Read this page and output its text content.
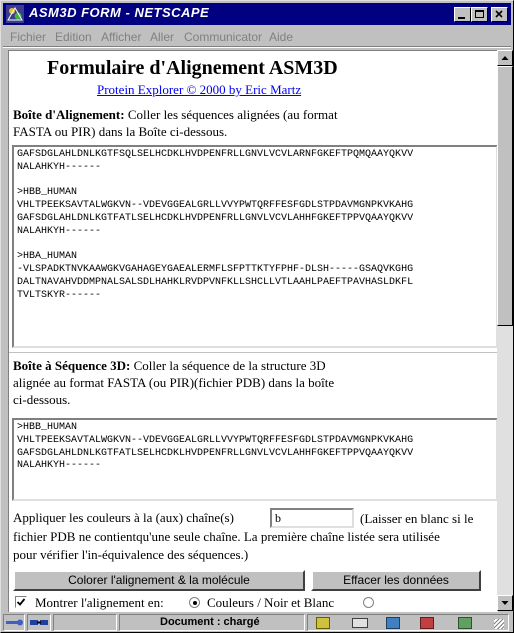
ASM3D FORM - NETSCAPE
Fichier Edition Afficher Aller Communicator Aide
Formulaire d'Alignement ASM3D
Protein Explorer © 2000 by Eric Martz
Boîte d'Alignement: Coller les séquences alignées (au format
FASTA ou PIR) dans la Boîte ci-dessous.
GAFSDGLAHLDNLKGTFSQLSELHCDKLHVDPENFRLLGNVLVCVLARNFGKEFTPQMQAAYQKVV
NALAHKYH------

>HBB_HUMAN
VHLTPEEKSAVTALWGKVN--VDEVGGEALGRLLVVYPWTQRFFESFGDLSTPDAVMGNPKVKAHG
GAFSDGLAHLDNLKGTFATLSELHCDKLHVDPENFRLLGNVLVCVLAHHFGKEFTPPVQAAYQKVV
NALAHKYH------

>HBA_HUMAN
-VLSPADKTNVKAAWGKVGAHAGEYGAEALERMFLSFPTTKTYFPHF-DLSH-----GSAQVKGHG
DALTNAVAHVDDMPNALSALSDLHAHKLRVDPVNFKLLSHCLLVTLAAHLPAEFTPAVHASLDKFL
TVLTSKYR------
Boîte à Séquence 3D: Coller la séquence de la structure 3D
alignée au format FASTA (ou PIR)(fichier PDB) dans la boîte
ci-dessous.
>HBB_HUMAN
VHLTPEEKSAVTALWGKVN--VDEVGGEALGRLLVVYPWTQRFFESFGDLSTPDAVMGNPKVKAHG
GAFSDGLAHLDNLKGTFATLSELHCDKLHVDPENFRLLGNVLVCVLAHHFGKEFTPPVQAAYQKVV
NALAHKYH------
Appliquer les couleurs à la (aux) chaîne(s)
b	(Laisser en blanc si le
fichier PDB ne contientqu'une seule chaîne. La première chaîne listée sera utilisée
pour vérifier l'in-équivalence des séquences.)
Colorer l'alignement & la molécule	Effacer les données
Montrer l'alignement en:	Couleurs / Noir et Blanc
Document : chargé
